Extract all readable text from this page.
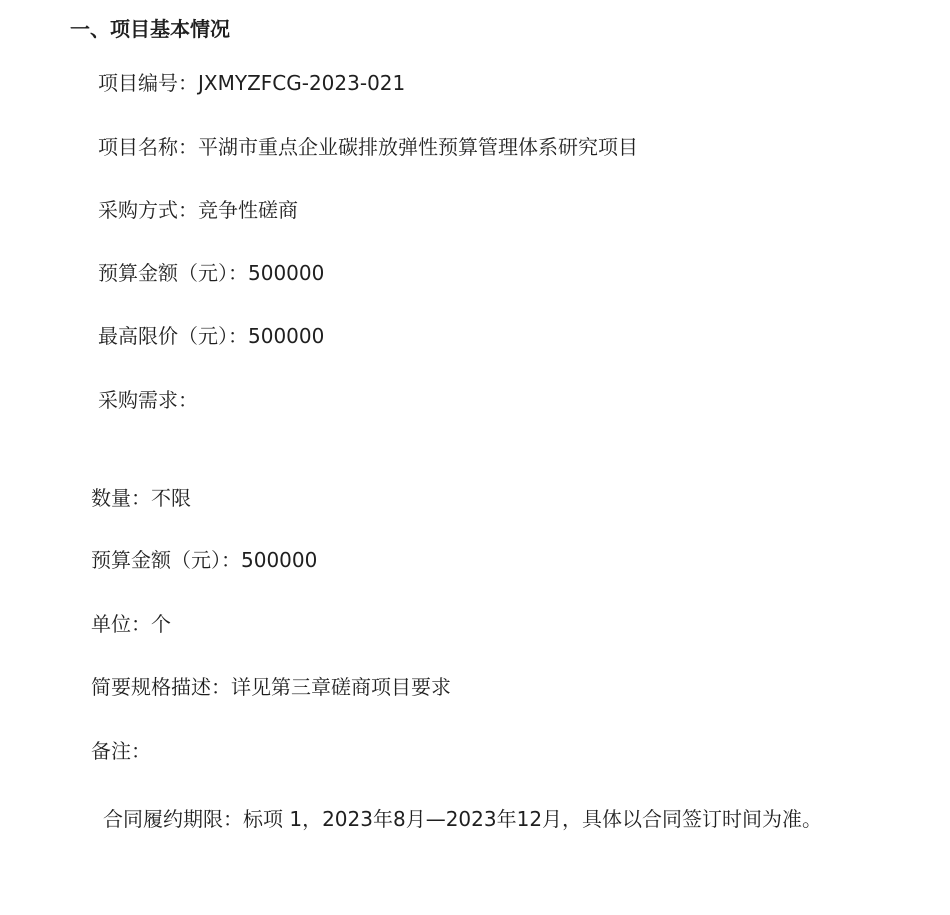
一、项目基本情况

项目编号：JXMYZFCG-2023-021

项目名称：平湖市重点企业碳排放弹性预算管理体系研究项目

采购方式：竞争性磋商

预算金额（元）：500000

最高限价（元）：500000

采购需求：

数量：不限

预算金额（元）：500000

单位：个

简要规格描述：详见第三章磋商项目要求

备注：

合同履约期限：标项 1，2023年8月—2023年12月，具体以合同签订时间为准。
